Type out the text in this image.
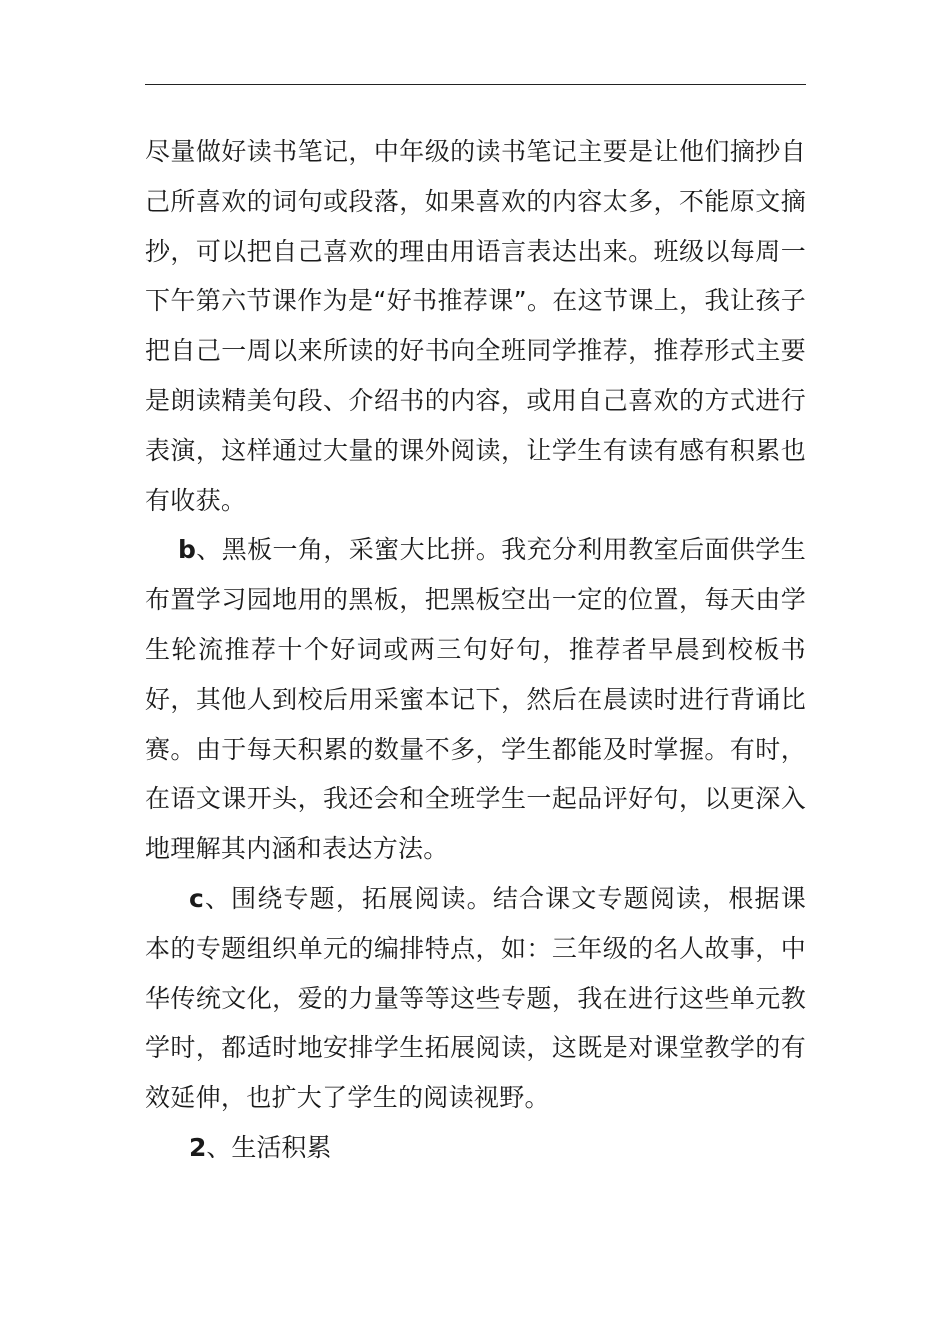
尽量做好读书笔记，中年级的读书笔记主要是让他们摘抄自己所喜欢的词句或段落，如果喜欢的内容太多，不能原文摘抄，可以把自己喜欢的理由用语言表达出来。班级以每周一下午第六节课作为是“好书推荐课”。在这节课上，我让孩子把自己一周以来所读的好书向全班同学推荐，推荐形式主要是朗读精美句段、介绍书的内容，或用自己喜欢的方式进行表演，这样通过大量的课外阅读，让学生有读有感有积累也有收获。

b、黑板一角，采蜜大比拼。我充分利用教室后面供学生布置学习园地用的黑板，把黑板空出一定的位置，每天由学生轮流推荐十个好词或两三句好句，推荐者早晨到校板书好，其他人到校后用采蜜本记下，然后在晨读时进行背诵比赛。由于每天积累的数量不多，学生都能及时掌握。有时，在语文课开头，我还会和全班学生一起品评好句，以更深入地理解其内涵和表达方法。

c、围绕专题，拓展阅读。结合课文专题阅读，根据课本的专题组织单元的编排特点，如：三年级的名人故事，中华传统文化，爱的力量等等这些专题，我在进行这些单元教学时，都适时地安排学生拓展阅读，这既是对课堂教学的有效延伸，也扩大了学生的阅读视野。

2、生活积累
